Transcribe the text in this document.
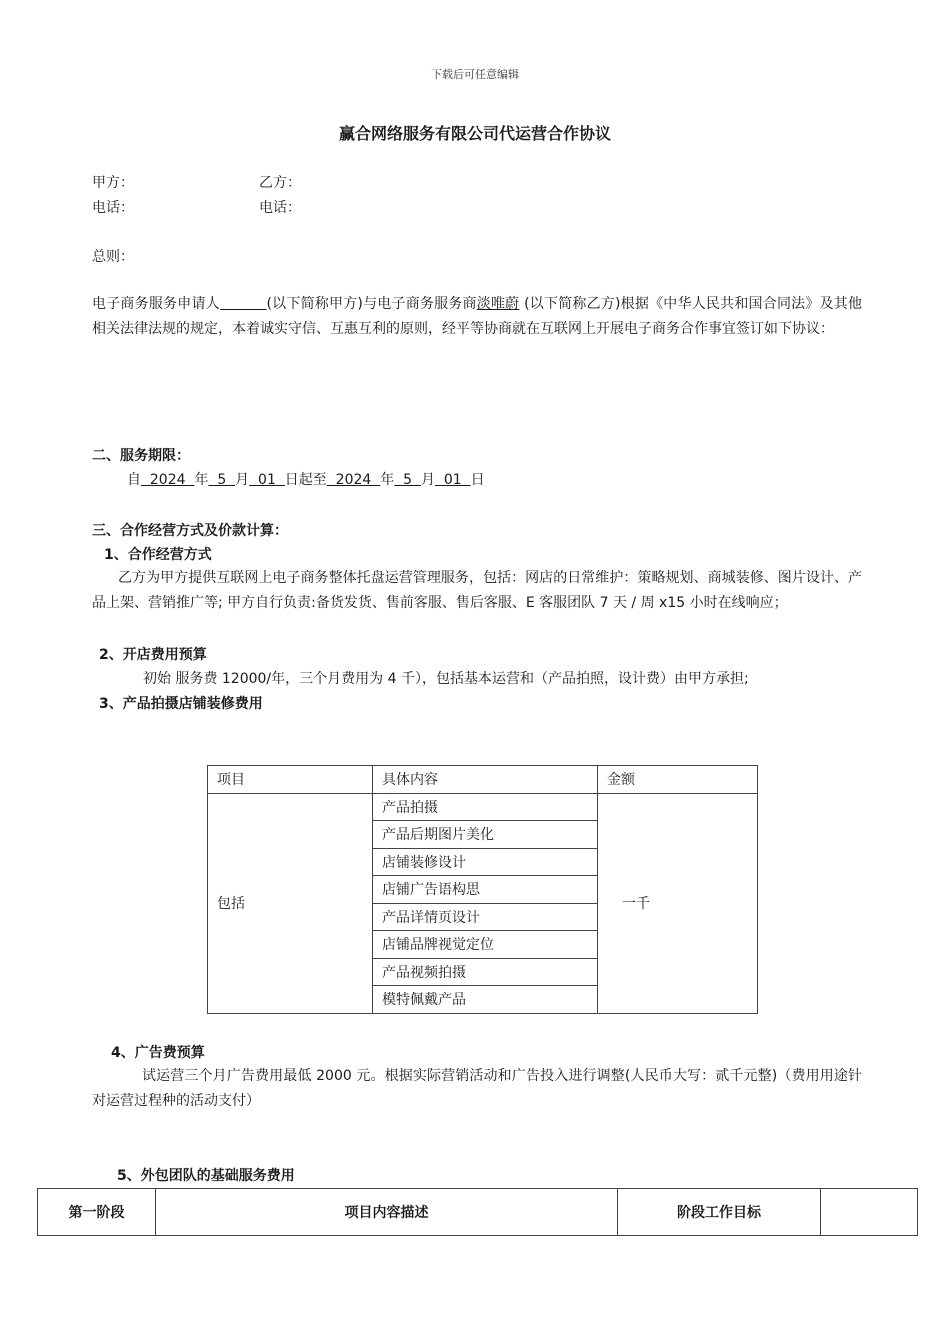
下载后可任意编辑
赢合网络服务有限公司代运营合作协议
甲方：	乙方：
电话：	电话：
总则：
电子商务服务申请人	(以下简称甲方)与电子商务服务商淡唯蔚 (以下简称乙方)根据《中华人民共和国合同法》及其他相关法律法规的规定，本着诚实守信、互惠互利的原则，经平等协商就在互联网上开展电子商务合作事宜签订如下协议：
二、服务期限：
自  2024  年  5  月  01  日起至  2024  年  5  月  01  日
三、合作经营方式及价款计算：
1、合作经营方式
乙方为甲方提供互联网上电子商务整体托盘运营管理服务，包括：网店的日常维护：策略规划、商城装修、图片设计、产品上架、营销推广等; 甲方自行负责:备货发货、售前客服、售后客服、E 客服团队 7 天 / 周 x15 小时在线响应；
2、开店费用预算
初始 服务费 12000/年，三个月费用为 4 千），包括基本运营和（产品拍照，设计费）由甲方承担;
3、产品拍摄店铺装修费用
项目	具体内容	金额
包括	产品拍摄	一千
	产品后期图片美化	
	店铺装修设计	
	店铺广告语构思	
	产品详情页设计	
	店铺品牌视觉定位	
	产品视频拍摄	
	模特佩戴产品	
4、广告费预算
试运营三个月广告费用最低 2000 元。根据实际营销活动和广告投入进行调整(人民币大写：贰千元整)（费用用途针对运营过程种的活动支付）
5、外包团队的基础服务费用
第一阶段	项目内容描述	阶段工作目标	
